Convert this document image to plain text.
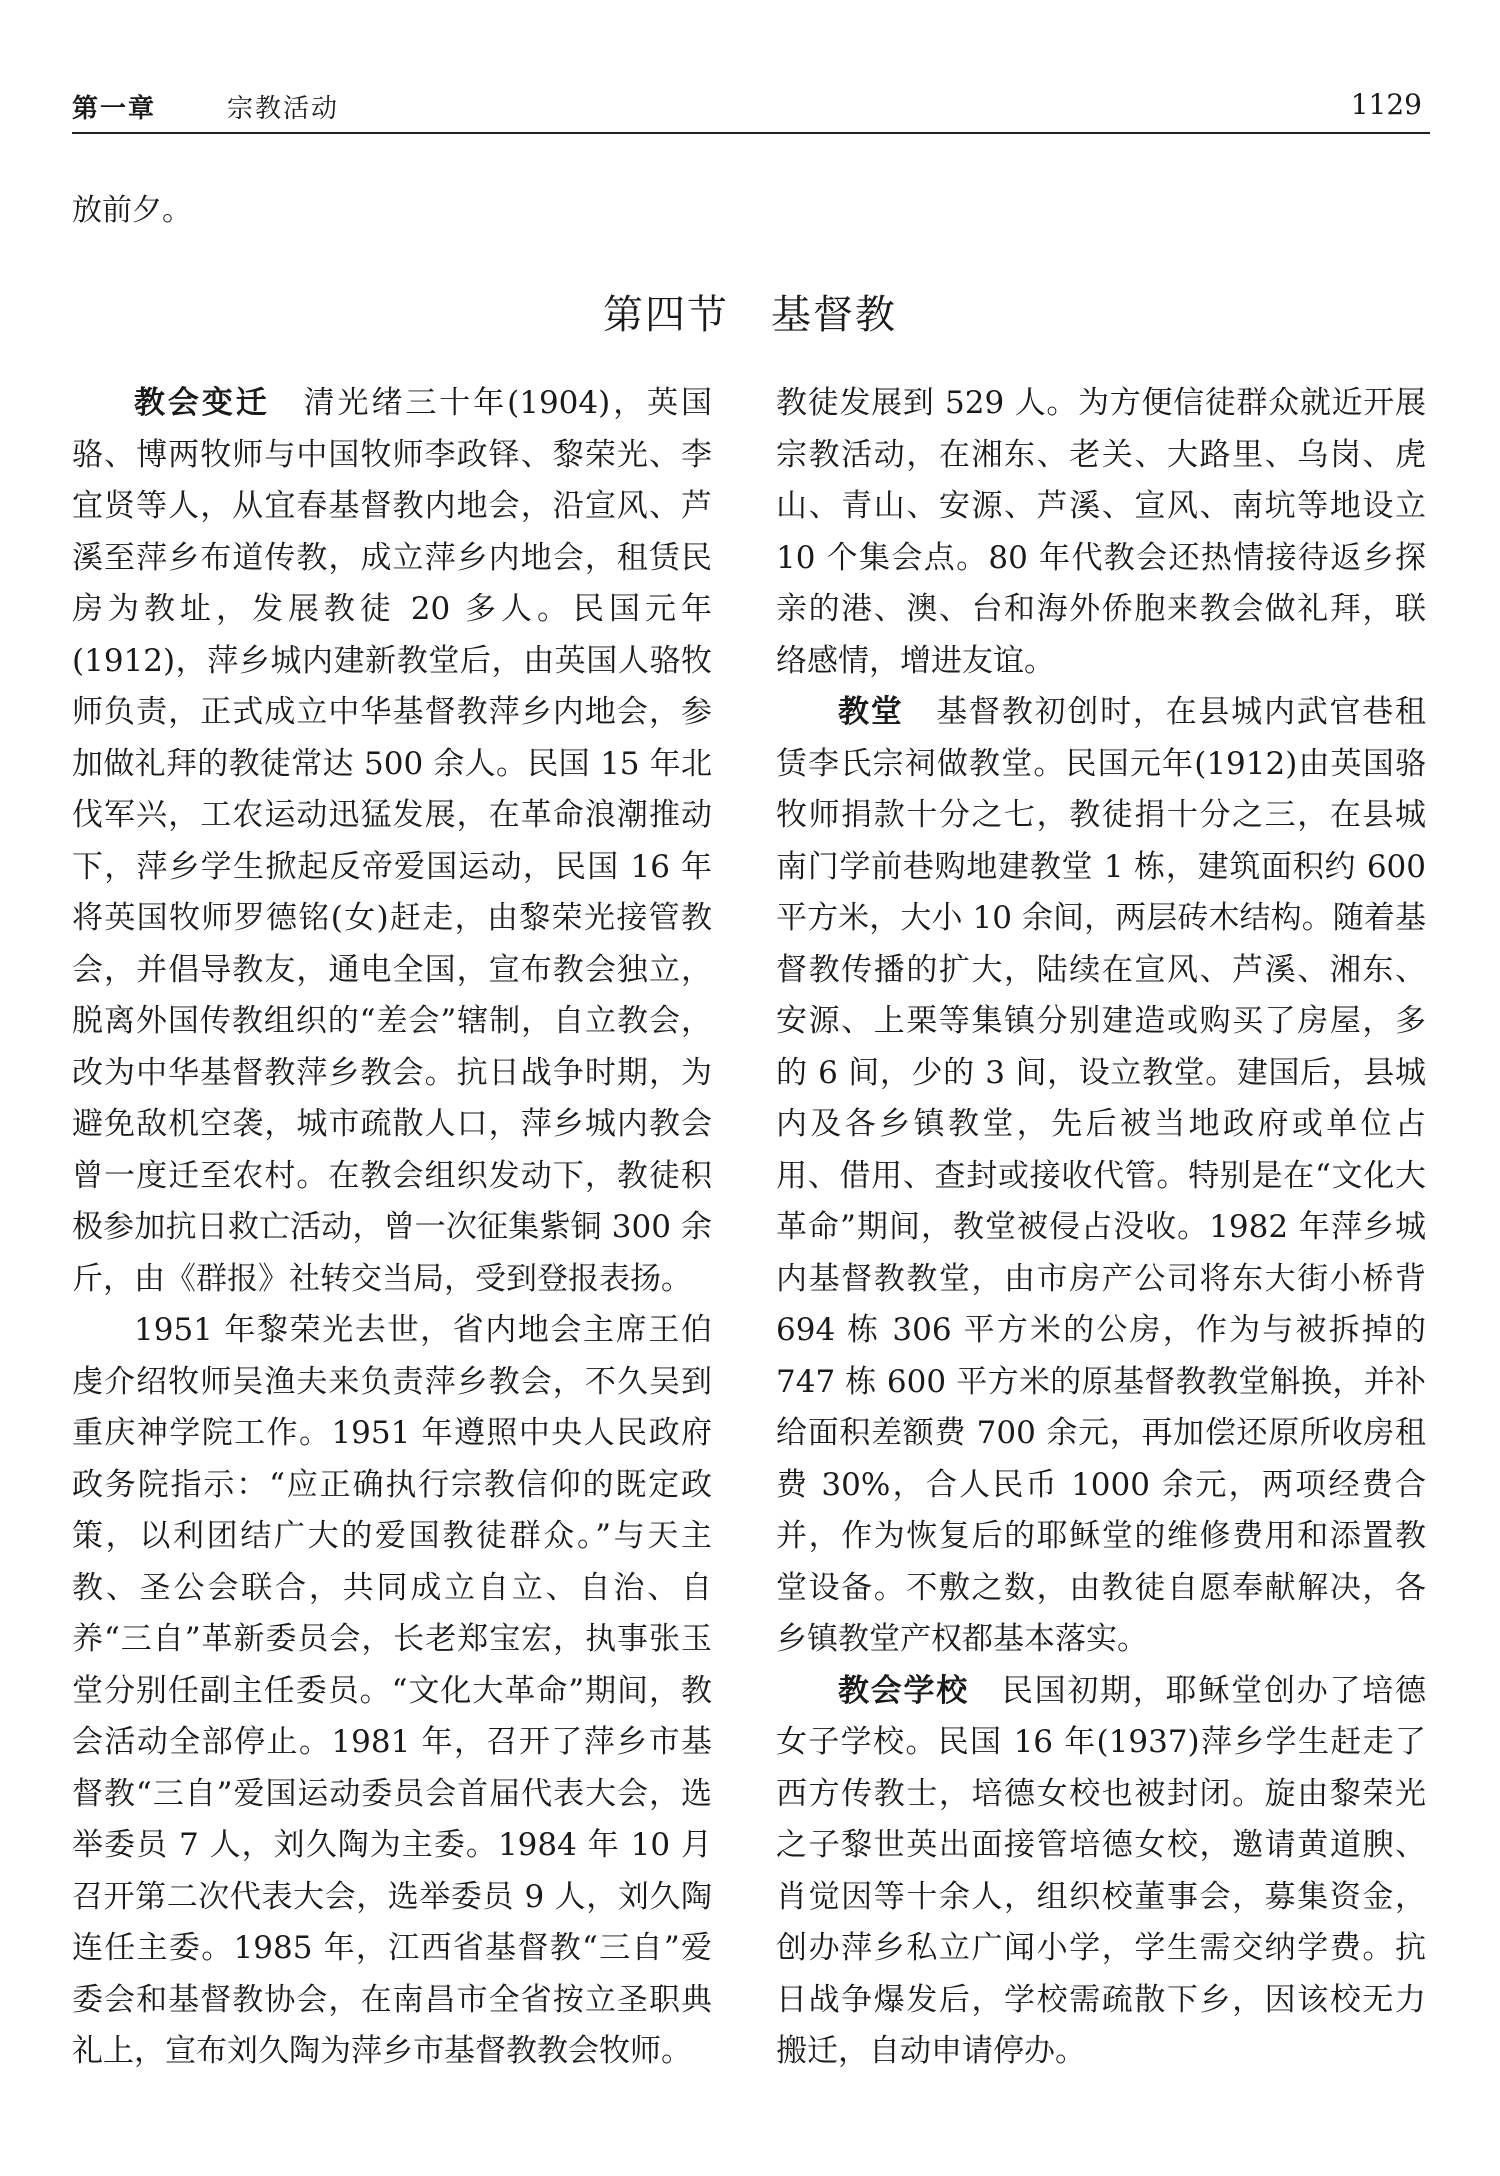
第一章	宗教活动	1129
放前夕。
第四节　基督教

教会变迁　 清光绪三十年(1904)，英国骆、博两牧师与中国牧师李政铎、黎荣光、李宜贤等人，从宜春基督教内地会，沿宣风、芦溪至萍乡布道传教，成立萍乡内地会，租赁民房为教址，发展教徒 20 多人。民国元年(1912)，萍乡城内建新教堂后，由英国人骆牧师负责，正式成立中华基督教萍乡内地会，参加做礼拜的教徒常达 500 余人。民国 15 年北伐军兴，工农运动迅猛发展，在革命浪潮推动下，萍乡学生掀起反帝爱国运动，民国 16 年将英国牧师罗德铭(女)赶走，由黎荣光接管教会，并倡导教友，通电全国，宣布教会独立，脱离外国传教组织的“差会”辖制，自立教会，改为中华基督教萍乡教会。抗日战争时期，为避免敌机空袭，城市疏散人口，萍乡城内教会曾一度迁至农村。在教会组织发动下，教徒积极参加抗日救亡活动，曾一次征集紫铜 300 余斤，由《群报》社转交当局，受到登报表扬。

1951 年黎荣光去世，省内地会主席王伯虔介绍牧师吴渔夫来负责萍乡教会，不久吴到重庆神学院工作。1951 年遵照中央人民政府政务院指示：“应正确执行宗教信仰的既定政策，以利团结广大的爱国教徒群众。”与天主教、圣公会联合，共同成立自立、自治、自养“三自”革新委员会，长老郑宝宏，执事张玉堂分别任副主任委员。“文化大革命”期间，教会活动全部停止。1981 年，召开了萍乡市基督教“三自”爱国运动委员会首届代表大会，选举委员 7 人，刘久陶为主委。1984 年 10 月召开第二次代表大会，选举委员 9 人，刘久陶连任主委。1985 年，江西省基督教“三自”爱委会和基督教协会，在南昌市全省按立圣职典礼上，宣布刘久陶为萍乡市基督教教会牧师。

教徒发展到 529 人。为方便信徒群众就近开展宗教活动，在湘东、老关、大路里、乌岗、虎山、青山、安源、芦溪、宣风、南坑等地设立 10 个集会点。80 年代教会还热情接待返乡探亲的港、澳、台和海外侨胞来教会做礼拜，联络感情，增进友谊。

教堂　 基督教初创时，在县城内武官巷租赁李氏宗祠做教堂。民国元年(1912)由英国骆牧师捐款十分之七，教徒捐十分之三，在县城南门学前巷购地建教堂 1 栋，建筑面积约 600 平方米，大小 10 余间，两层砖木结构。随着基督教传播的扩大，陆续在宣风、芦溪、湘东、安源、上栗等集镇分别建造或购买了房屋，多的 6 间，少的 3 间，设立教堂。建国后，县城内及各乡镇教堂，先后被当地政府或单位占用、借用、查封或接收代管。特别是在“文化大革命”期间，教堂被侵占没收。1982 年萍乡城内基督教教堂，由市房产公司将东大街小桥背 694 栋 306 平方米的公房，作为与被拆掉的 747 栋 600 平方米的原基督教教堂斛换，并补给面积差额费 700 余元，再加偿还原所收房租费 30%，合人民币 1000 余元，两项经费合并，作为恢复后的耶稣堂的维修费用和添置教堂设备。不敷之数，由教徒自愿奉献解决，各乡镇教堂产权都基本落实。

教会学校　 民国初期，耶稣堂创办了培德女子学校。民国 16 年(1937)萍乡学生赶走了西方传教士，培德女校也被封闭。旋由黎荣光之子黎世英出面接管培德女校，邀请黄道腴、肖觉因等十余人，组织校董事会，募集资金，创办萍乡私立广闻小学，学生需交纳学费。抗日战争爆发后，学校需疏散下乡，因该校无力搬迁，自动申请停办。
